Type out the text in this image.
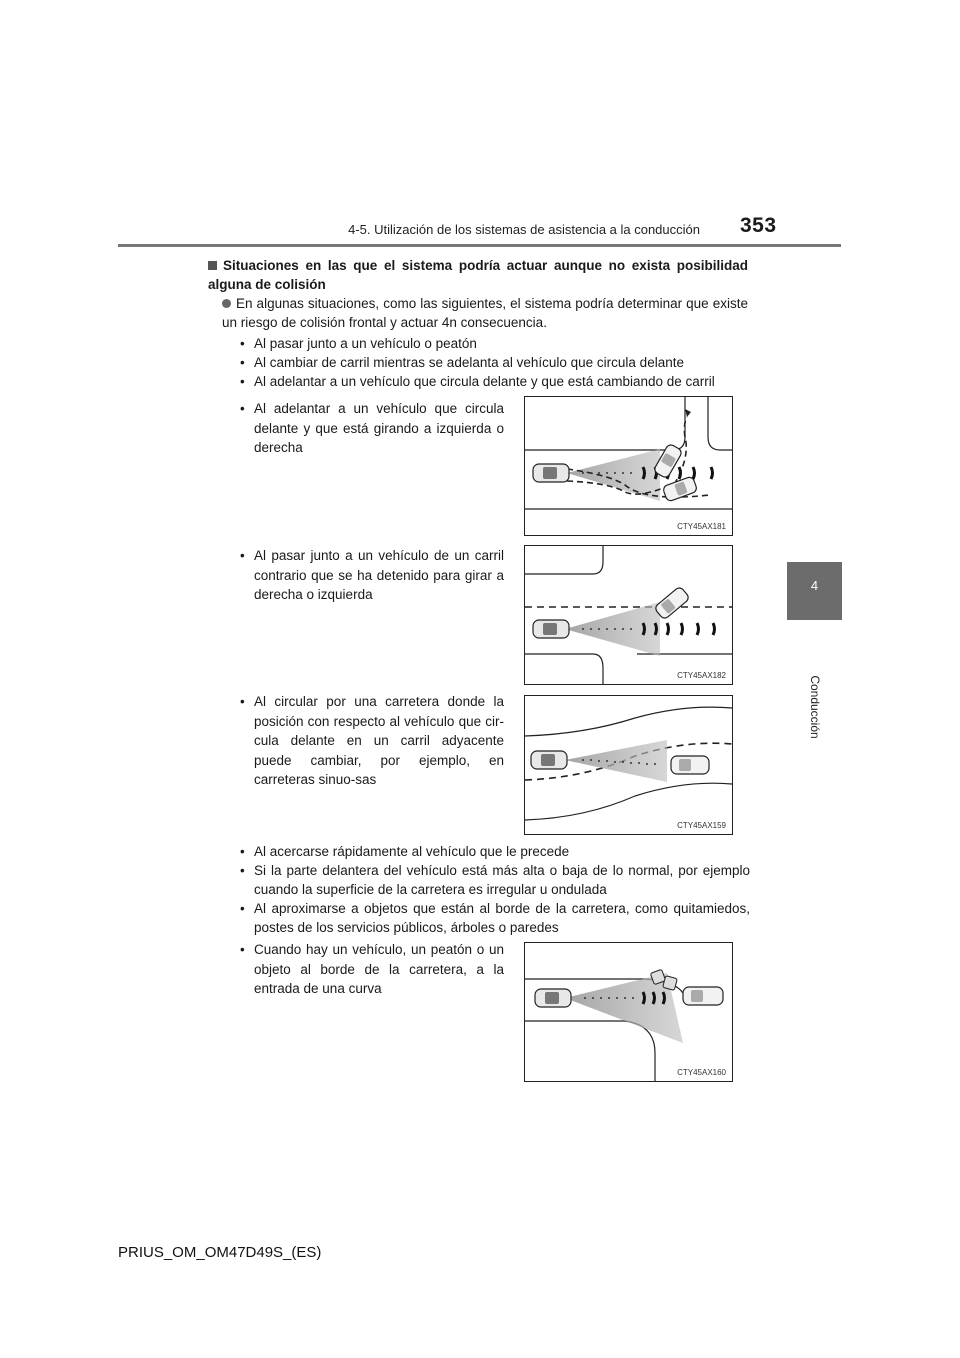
4-5. Utilización de los sistemas de asistencia a la conducción 353
4
Conducción
Situaciones en las que el sistema podría actuar aunque no exista posibilidad alguna de colisión
En algunas situaciones, como las siguientes, el sistema podría determinar que existe un riesgo de colisión frontal y actuar 4n consecuencia.
• Al pasar junto a un vehículo o peatón
• Al cambiar de carril mientras se adelanta al vehículo que circula delante
• Al adelantar a un vehículo que circula delante y que está cambiando de carril
• Al adelantar a un vehículo que circula delante y que está girando a izquierda o derecha
CTY45AX181
• Al pasar junto a un vehículo de un carril contrario que se ha detenido para girar a derecha o izquierda
CTY45AX182
• Al circular por una carretera donde la posición con respecto al vehículo que cir-cula delante en un carril adyacente puede cambiar, por ejemplo, en carreteras sinuo-sas
CTY45AX159
• Al acercarse rápidamente al vehículo que le precede
• Si la parte delantera del vehículo está más alta o baja de lo normal, por ejemplo cuando la superficie de la carretera es irregular u ondulada
• Al aproximarse a objetos que están al borde de la carretera, como quitamiedos, postes de los servicios públicos, árboles o paredes
• Cuando hay un vehículo, un peatón o un objeto al borde de la carretera, a la entrada de una curva
CTY45AX160
PRIUS_OM_OM47D49S_(ES)
